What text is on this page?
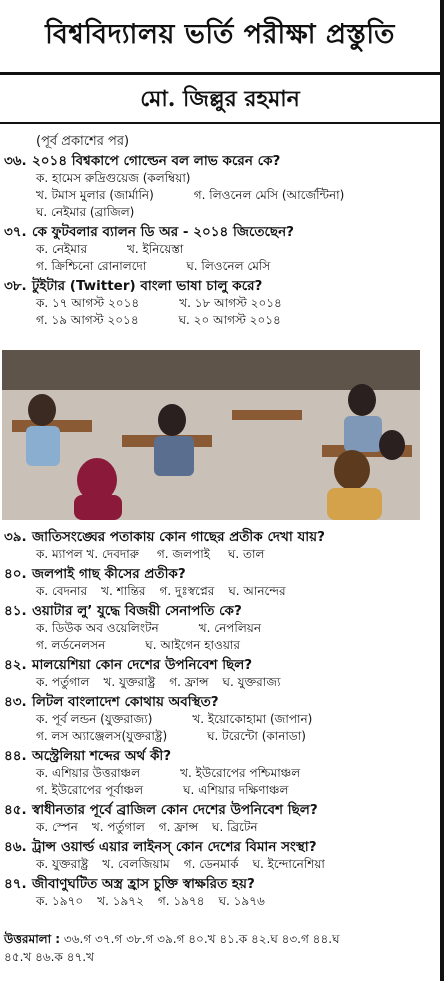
বিশ্ববিদ্যালয় ভর্তি পরীক্ষা প্রস্তুতি
মো. জিল্লুর রহমান
(পূর্ব প্রকাশের পর)
৩৬. ২০১৪ বিশ্বকাপে গোল্ডেন বল লাভ করেন কে?
ক. হামেস রুদ্রিগুয়েজ (কলম্বিয়া)
খ. টমাস মুলার (জার্মানি)	গ. লিওনেল মেসি (আর্জেন্টিনা)
ঘ. নেইমার (ব্রাজিল)
৩৭. কে ফুটবলার ব্যালন ডি অর - ২০১৪ জিতেছেন?
ক. নেইমার	খ. ইনিয়েস্তা
গ. ক্রিশ্চিনো রোনালদো	ঘ. লিওনেল মেসি
৩৮. টুইটার (Twitter) বাংলা ভাষা চালু করে?
ক. ১৭ আগস্ট ২০১৪	খ. ১৮ আগস্ট ২০১৪
গ. ১৯ আগস্ট ২০১৪	ঘ. ২০ আগস্ট ২০১৪
৩৯. জাতিসংঙ্ঘের পতাকায় কোন গাছের প্রতীক দেখা যায়?
ক. ম্যাপল খ. দেবদারু গ. জলপাই ঘ. তাল
৪০. জলপাই গাছ কীসের প্রতীক?
ক. বেদনার খ. শান্তির গ. দুঃস্বপ্নের ঘ. আনন্দের
৪১. ওয়াটার লু’ যুদ্ধে বিজয়ী সেনাপতি কে?
ক. ডিউক অব ওয়েলিংটন	খ. নেপলিয়ন
গ. লর্ডনেলসন	ঘ. আইগেন হাওয়ার
৪২. মালয়েশিয়া কোন দেশের উপনিবেশ ছিল?
ক. পর্তুগাল খ. যুক্তরাষ্ট্র গ. ফ্রান্স ঘ. যুক্তরাজ্য
৪৩. লিটল বাংলাদেশ কোথায় অবস্থিত?
ক. পূর্ব লন্ডন (যুক্তরাজ্য)	খ. ইয়োকোহামা (জাপান)
গ. লস অ্যাঞ্জেলস(যুক্তরাষ্ট্র)	ঘ. টরেন্টো (কানাডা)
৪৪. অস্ট্রেলিয়া শব্দের অর্থ কী?
ক. এশিয়ার উত্তরাঞ্চল	খ. ইউরোপের পশ্চিমাঞ্চল
গ. ইউরোপের পূর্বাঞ্চল	ঘ. এশিয়ার দক্ষিণাঞ্চল
৪৫. স্বাধীনতার পূর্বে ব্রাজিল কোন দেশের উপনিবেশ ছিল?
ক. স্পেন খ. পর্তুগাল গ. ফ্রান্স ঘ. ব্রিটেন
৪৬. ট্রান্স ওয়ার্ল্ড এয়ার লাইনস্ কোন দেশের বিমান সংস্থা?
ক. যুক্তরাষ্ট্র খ. বেলজিয়াম গ. ডেনমার্ক ঘ. ইন্দোনেশিয়া
৪৭. জীবাণুঘটিত অস্ত্র হ্রাস চুক্তি স্বাক্ষরিত হয়?
ক. ১৯৭০ খ. ১৯৭২ গ. ১৯৭৪ ঘ. ১৯৭৬
উত্তরমালা : ৩৬.গ ৩৭.গ ৩৮.গ ৩৯.গ ৪০.খ ৪১.ক ৪২.ঘ ৪৩.গ ৪৪.ঘ
৪৫.খ ৪৬.ক ৪৭.খ
